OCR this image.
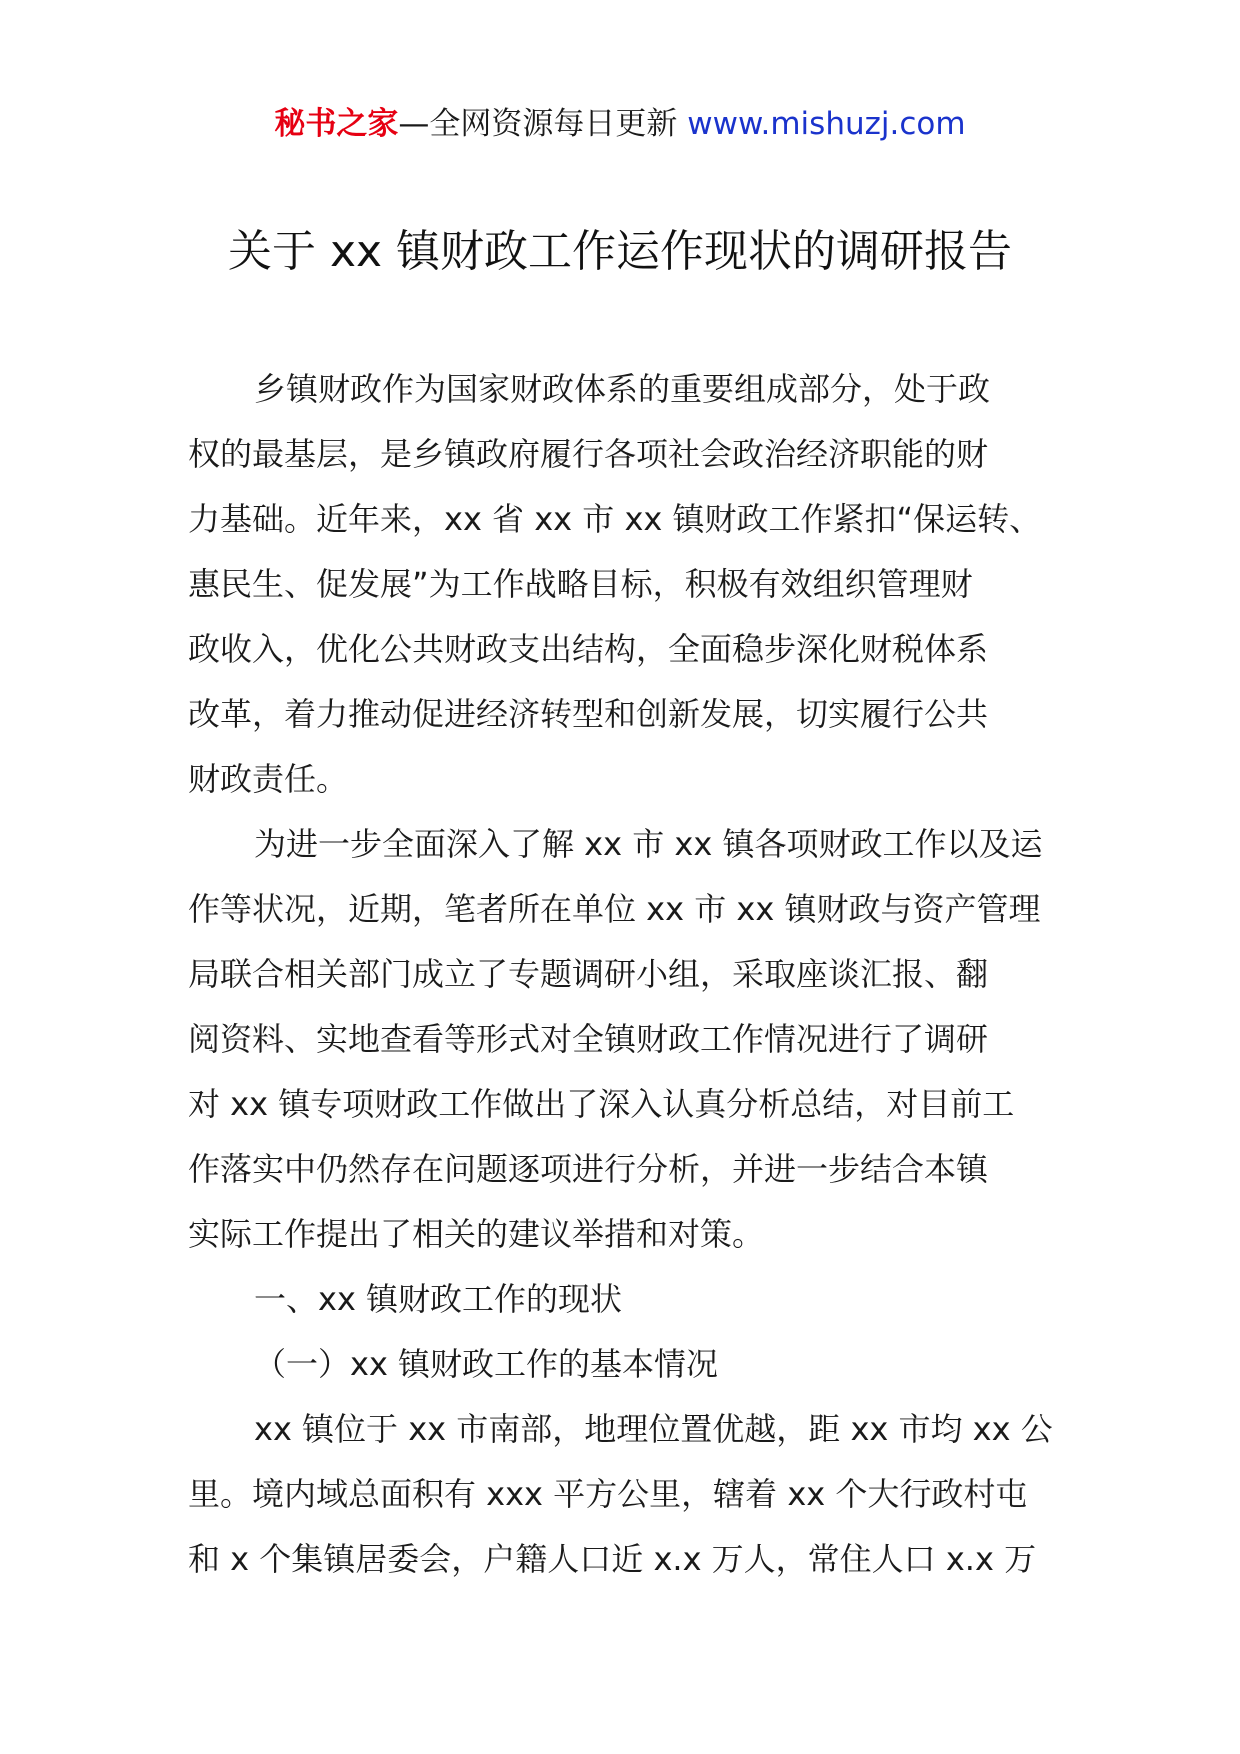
秘书之家—全网资源每日更新 www.mishuzj.com
关于 xx 镇财政工作运作现状的调研报告
乡镇财政作为国家财政体系的重要组成部分，处于政
权的最基层，是乡镇政府履行各项社会政治经济职能的财
力基础。近年来，xx 省 xx 市 xx 镇财政工作紧扣“保运转、
惠民生、促发展”为工作战略目标，积极有效组织管理财
政收入，优化公共财政支出结构，全面稳步深化财税体系
改革，着力推动促进经济转型和创新发展，切实履行公共
财政责任。
为进一步全面深入了解 xx 市 xx 镇各项财政工作以及运
作等状况，近期，笔者所在单位 xx 市 xx 镇财政与资产管理
局联合相关部门成立了专题调研小组，采取座谈汇报、翻
阅资料、实地查看等形式对全镇财政工作情况进行了调研
对 xx 镇专项财政工作做出了深入认真分析总结，对目前工
作落实中仍然存在问题逐项进行分析，并进一步结合本镇
实际工作提出了相关的建议举措和对策。
一、xx 镇财政工作的现状
（一）xx 镇财政工作的基本情况
xx 镇位于 xx 市南部，地理位置优越，距 xx 市均 xx 公
里。境内域总面积有 xxx 平方公里，辖着 xx 个大行政村屯
和 x 个集镇居委会，户籍人口近 x.x 万人，常住人口 x.x 万
